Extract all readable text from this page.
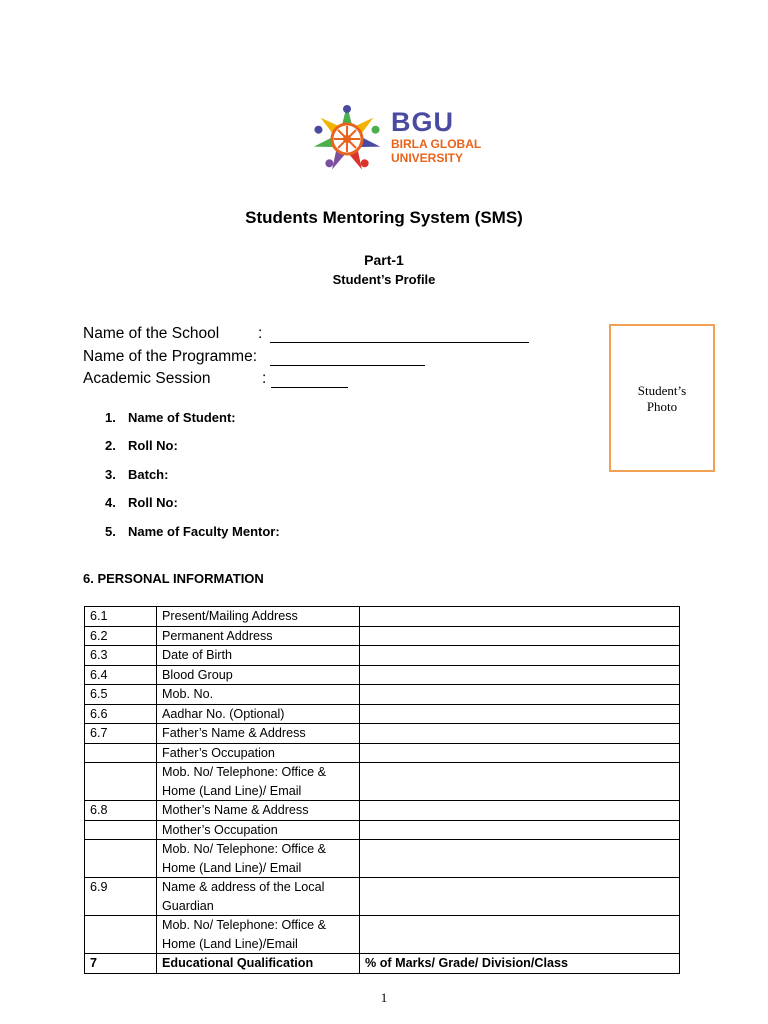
BGU
BIRLA GLOBAL
UNIVERSITY
Students Mentoring System (SMS)
Part-1
Student’s Profile
Name of the School	:
Name of the Programme:
Academic Session	:
Student’s
Photo
1. Name of Student:
2. Roll No:
3. Batch:
4. Roll No:
5. Name of Faculty Mentor:
6. PERSONAL INFORMATION
6.1	Present/Mailing Address	
6.2	Permanent Address	
6.3	Date of Birth	
6.4	Blood Group	
6.5	Mob. No.	
6.6	Aadhar No. (Optional)	
6.7	Father’s Name & Address	
	Father’s Occupation	
	Mob. No/ Telephone: Office & Home (Land Line)/ Email	
6.8	Mother’s Name & Address	
	Mother’s Occupation	
	Mob. No/ Telephone: Office & Home (Land Line)/ Email	
6.9	Name & address of the Local Guardian	
	Mob. No/ Telephone: Office & Home (Land Line)/Email	
7	Educational Qualification	% of Marks/ Grade/ Division/Class
1
